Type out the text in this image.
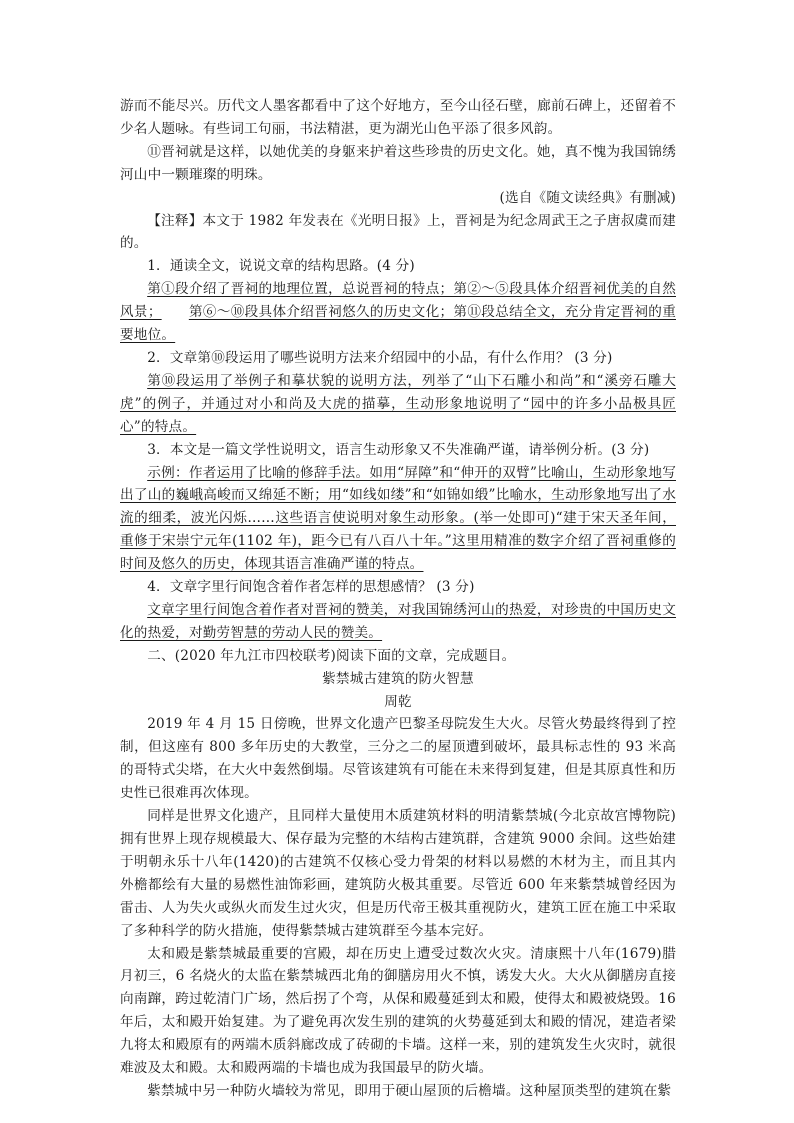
游而不能尽兴。历代文人墨客都看中了这个好地方，至今山径石壁，廊前石碑上，还留着不少名人题咏。有些词工句丽，书法精湛，更为湖光山色平添了很多风韵。

⑪晋祠就是这样，以她优美的身躯来护着这些珍贵的历史文化。她，真不愧为我国锦绣河山中一颗璀璨的明珠。

(选自《随文读经典》有删减)

【注释】本文于 1982 年发表在《光明日报》上，晋祠是为纪念周武王之子唐叔虞而建的。

1．通读全文，说说文章的结构思路。(4 分)

第①段介绍了晋祠的地理位置，总说晋祠的特点；第②～⑤段具体介绍晋祠优美的自然风景； 第⑥～⑩段具体介绍晋祠悠久的历史文化；第⑪段总结全文，充分肯定晋祠的重要地位。

2．文章第⑩段运用了哪些说明方法来介绍园中的小品，有什么作用？ (3 分)

第⑩段运用了举例子和摹状貌的说明方法，列举了“山下石雕小和尚”和“溪旁石雕大虎”的例子，并通过对小和尚及大虎的描摹，生动形象地说明了“园中的许多小品极具匠心”的特点。

3．本文是一篇文学性说明文，语言生动形象又不失准确严谨，请举例分析。(3 分)

示例：作者运用了比喻的修辞手法。如用“屏障”和“伸开的双臂”比喻山，生动形象地写出了山的巍峨高峻而又绵延不断；用“如线如缕”和“如锦如缎”比喻水，生动形象地写出了水流的细柔，波光闪烁……这些语言使说明对象生动形象。(举一处即可)“建于宋天圣年间，重修于宋崇宁元年(1102 年)，距今已有八百八十年。”这里用精准的数字介绍了晋祠重修的时间及悠久的历史，体现其语言准确严谨的特点。

4．文章字里行间饱含着作者怎样的思想感情？ (3 分)

文章字里行间饱含着作者对晋祠的赞美，对我国锦绣河山的热爱，对珍贵的中国历史文化的热爱，对勤劳智慧的劳动人民的赞美。

二、(2020 年九江市四校联考)阅读下面的文章，完成题目。

紫禁城古建筑的防火智慧

周乾

2019 年 4 月 15 日傍晚，世界文化遗产巴黎圣母院发生大火。尽管火势最终得到了控制，但这座有 800 多年历史的大教堂，三分之二的屋顶遭到破坏，最具标志性的 93 米高的哥特式尖塔，在大火中轰然倒塌。尽管该建筑有可能在未来得到复建，但是其原真性和历史性已很难再次体现。

同样是世界文化遗产，且同样大量使用木质建筑材料的明清紫禁城(今北京故宫博物院)拥有世界上现存规模最大、保存最为完整的木结构古建筑群，含建筑 9000 余间。这些始建于明朝永乐十八年(1420)的古建筑不仅核心受力骨架的材料以易燃的木材为主，而且其内外檐都绘有大量的易燃性油饰彩画，建筑防火极其重要。尽管近 600 年来紫禁城曾经因为雷击、人为失火或纵火而发生过火灾，但是历代帝王极其重视防火，建筑工匠在施工中采取了多种科学的防火措施，使得紫禁城古建筑群至今基本完好。

太和殿是紫禁城最重要的宫殿，却在历史上遭受过数次火灾。清康熙十八年(1679)腊月初三，6 名烧火的太监在紫禁城西北角的御膳房用火不慎，诱发大火。大火从御膳房直接向南蹿，跨过乾清门广场，然后拐了个弯，从保和殿蔓延到太和殿，使得太和殿被烧毁。16 年后，太和殿开始复建。为了避免再次发生别的建筑的火势蔓延到太和殿的情况，建造者梁九将太和殿原有的两端木质斜廊改成了砖砌的卡墙。这样一来，别的建筑发生火灾时，就很难波及太和殿。太和殿两端的卡墙也成为我国最早的防火墙。

紫禁城中另一种防火墙较为常见，即用于硬山屋顶的后檐墙。这种屋顶类型的建筑在紫
